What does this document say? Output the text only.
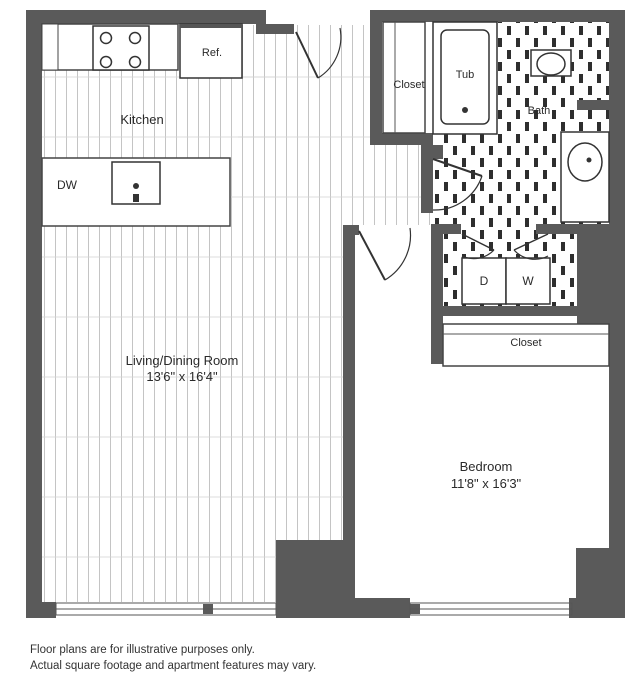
Kitchen
Ref.
DW
Living/Dining Room
13'6" x 16'4"
Closet
Tub
Bath
D	W
Closet
Bedroom
11'8" x 16'3"
Floor plans are for illustrative purposes only.
Actual square footage and apartment features may vary.
